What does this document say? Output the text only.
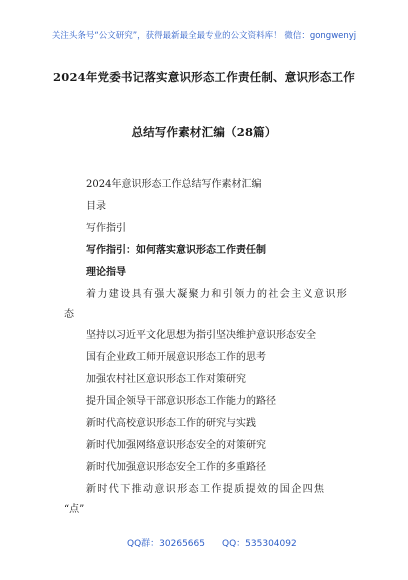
关注头条号“公文研究”，获得最新最全最专业的公文资料库！ 微信：gongwenyj
2024年党委书记落实意识形态工作责任制、意识形态工作
总结写作素材汇编（28篇）
2024年意识形态工作总结写作素材汇编
目录
写作指引
写作指引：如何落实意识形态工作责任制
理论指导
着力建设具有强大凝聚力和引领力的社会主义意识形
态
坚持以习近平文化思想为指引坚决维护意识形态安全
国有企业政工师开展意识形态工作的思考
加强农村社区意识形态工作对策研究
提升国企领导干部意识形态工作能力的路径
新时代高校意识形态工作的研究与实践
新时代加强网络意识形态安全的对策研究
新时代加强意识形态安全工作的多重路径
新时代下推动意识形态工作提质提效的国企四焦
“点”
QQ群：30265665 QQ：535304092
